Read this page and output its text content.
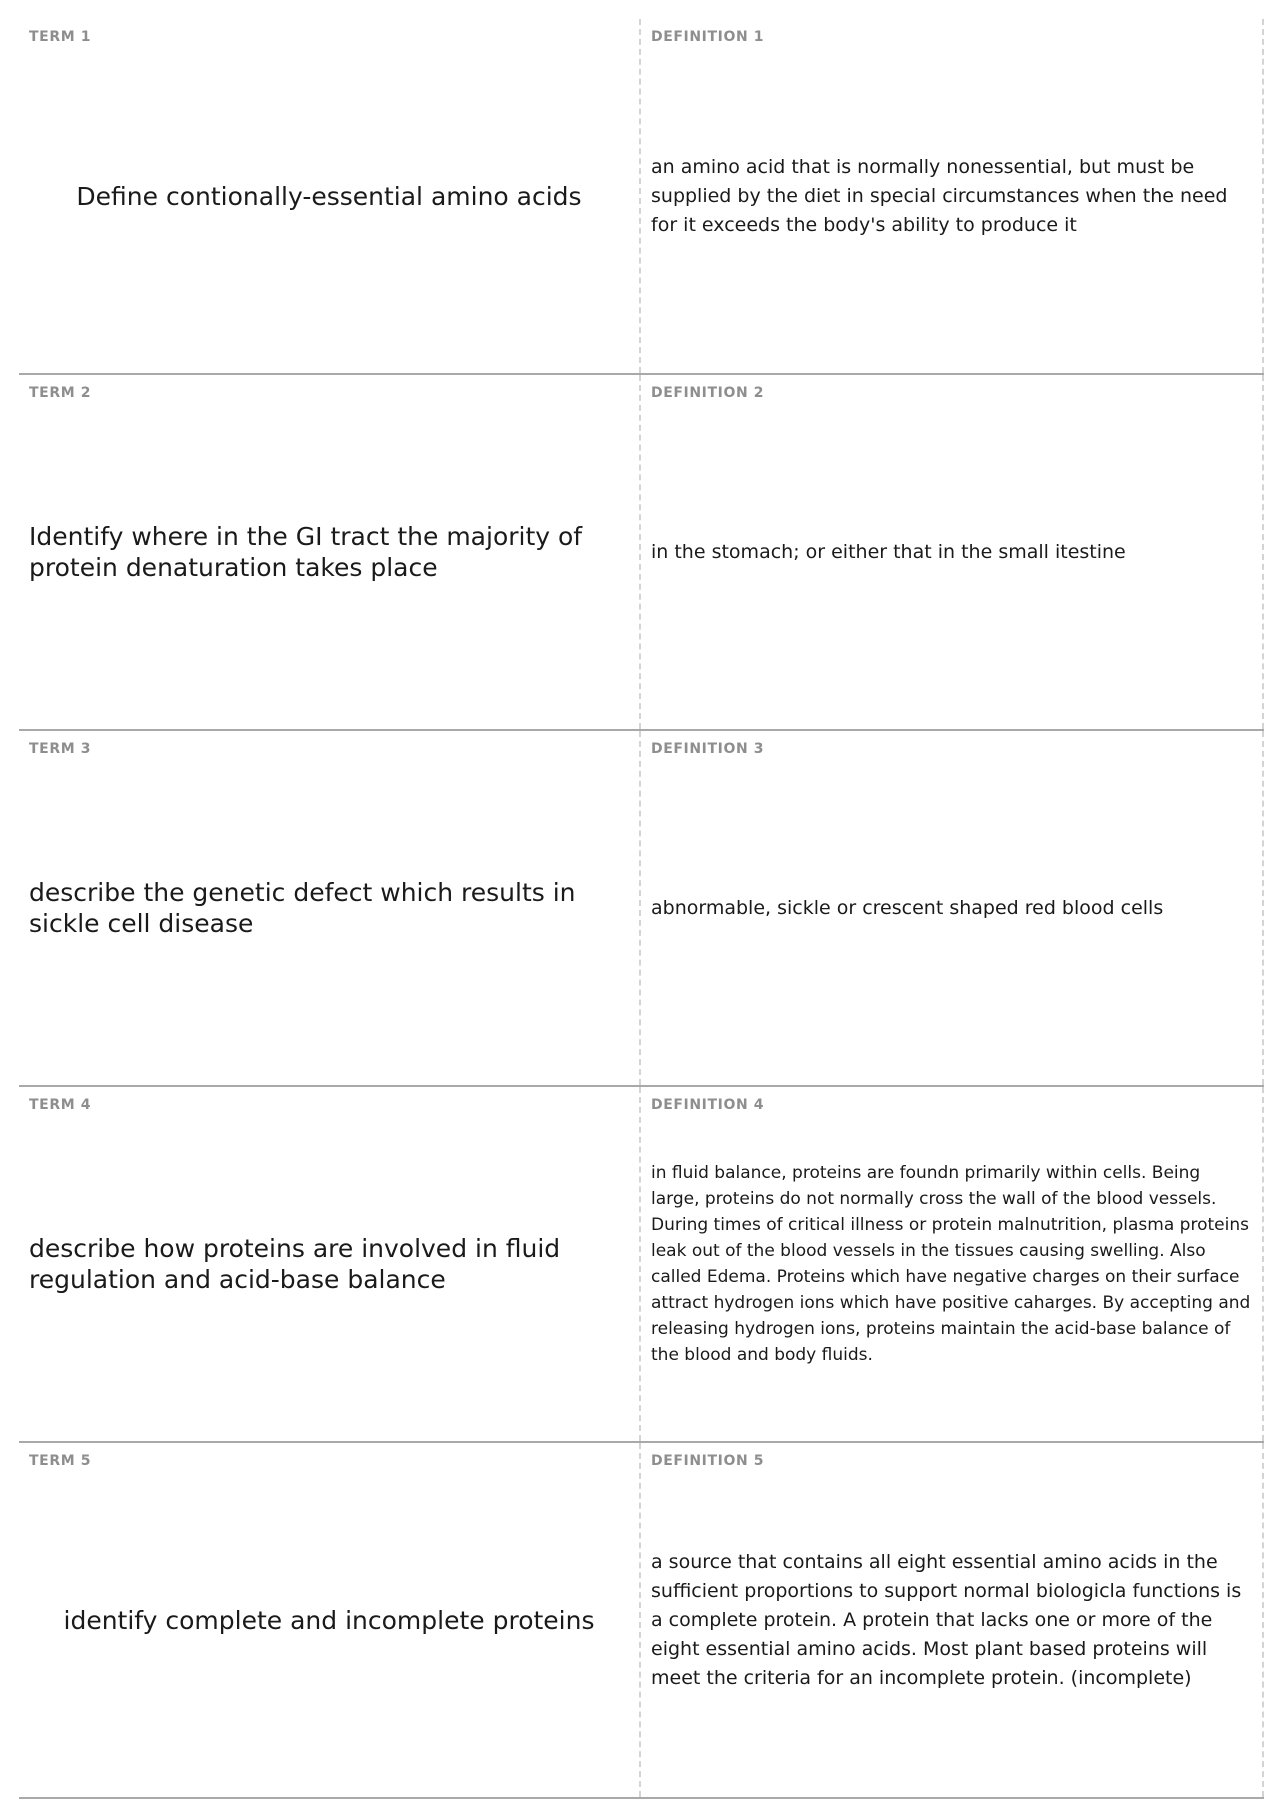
TERM 1
Define contionally-essential amino acids
DEFINITION 1
an amino acid that is normally nonessential, but must be supplied by the diet in special circumstances when the need for it exceeds the body's ability to produce it
TERM 2
Identify where in the GI tract the majority of protein denaturation takes place
DEFINITION 2
in the stomach; or either that in the small itestine
TERM 3
describe the genetic defect which results in sickle cell disease
DEFINITION 3
abnormable, sickle or crescent shaped red blood cells
TERM 4
describe how proteins are involved in fluid regulation and acid-base balance
DEFINITION 4
in fluid balance, proteins are foundn primarily within cells. Being large, proteins do not normally cross the wall of the blood vessels. During times of critical illness or protein malnutrition, plasma proteins leak out of the blood vessels in the tissues causing swelling. Also called Edema. Proteins which have negative charges on their surface attract hydrogen ions which have positive caharges. By accepting and releasing hydrogen ions, proteins maintain the acid-base balance of the blood and body fluids.
TERM 5
identify complete and incomplete proteins
DEFINITION 5
a source that contains all eight essential amino acids in the sufficient proportions to support normal biologicla functions is a complete protein. A protein that lacks one or more of the eight essential amino acids. Most plant based proteins will meet the criteria for an incomplete protein. (incomplete)
